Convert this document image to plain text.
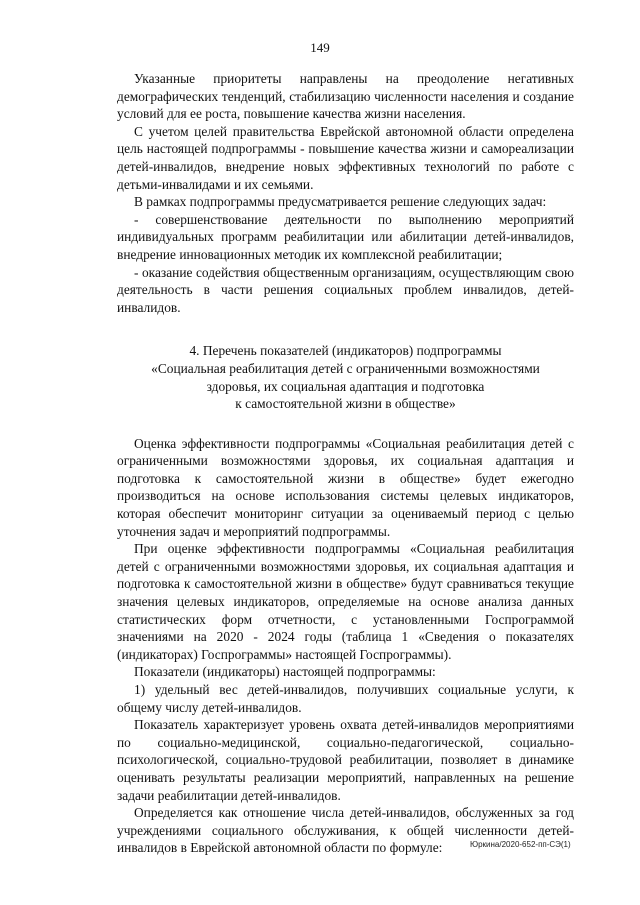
149

Указанные приоритеты направлены на преодоление негативных демографических тенденций, стабилизацию численности населения и создание условий для ее роста, повышение качества жизни населения.

С учетом целей правительства Еврейской автономной области определена цель настоящей подпрограммы - повышение качества жизни и самореализации детей-инвалидов, внедрение новых эффективных технологий по работе с детьми-инвалидами и их семьями.

В рамках подпрограммы предусматривается решение следующих задач:

- совершенствование деятельности по выполнению мероприятий индивидуальных программ реабилитации или абилитации детей-инвалидов, внедрение инновационных методик их комплексной реабилитации;

- оказание содействия общественным организациям, осуществляющим свою деятельность в части решения социальных проблем инвалидов, детей-инвалидов.

4. Перечень показателей (индикаторов) подпрограммы
«Социальная реабилитация детей с ограниченными возможностями
здоровья, их социальная адаптация и подготовка
к самостоятельной жизни в обществе»

Оценка эффективности подпрограммы «Социальная реабилитация детей с ограниченными возможностями здоровья, их социальная адаптация и подготовка к самостоятельной жизни в обществе» будет ежегодно производиться на основе использования системы целевых индикаторов, которая обеспечит мониторинг ситуации за оцениваемый период с целью уточнения задач и мероприятий подпрограммы.

При оценке эффективности подпрограммы «Социальная реабилитация детей с ограниченными возможностями здоровья, их социальная адаптация и подготовка к самостоятельной жизни в обществе» будут сравниваться текущие значения целевых индикаторов, определяемые на основе анализа данных статистических форм отчетности, с установленными Госпрограммой значениями на 2020 - 2024 годы (таблица 1 «Сведения о показателях (индикаторах) Госпрограммы» настоящей Госпрограммы).

Показатели (индикаторы) настоящей подпрограммы:

1) удельный вес детей-инвалидов, получивших социальные услуги, к общему числу детей-инвалидов.

Показатель характеризует уровень охвата детей-инвалидов мероприятиями по социально-медицинской, социально-педагогической, социально-психологической, социально-трудовой реабилитации, позволяет в динамике оценивать результаты реализации мероприятий, направленных на решение задачи реабилитации детей-инвалидов.

Определяется как отношение числа детей-инвалидов, обслуженных за год учреждениями социального обслуживания, к общей численности детей-инвалидов в Еврейской автономной области по формуле:	Юркина/2020-652-пп-СЭ(1)
